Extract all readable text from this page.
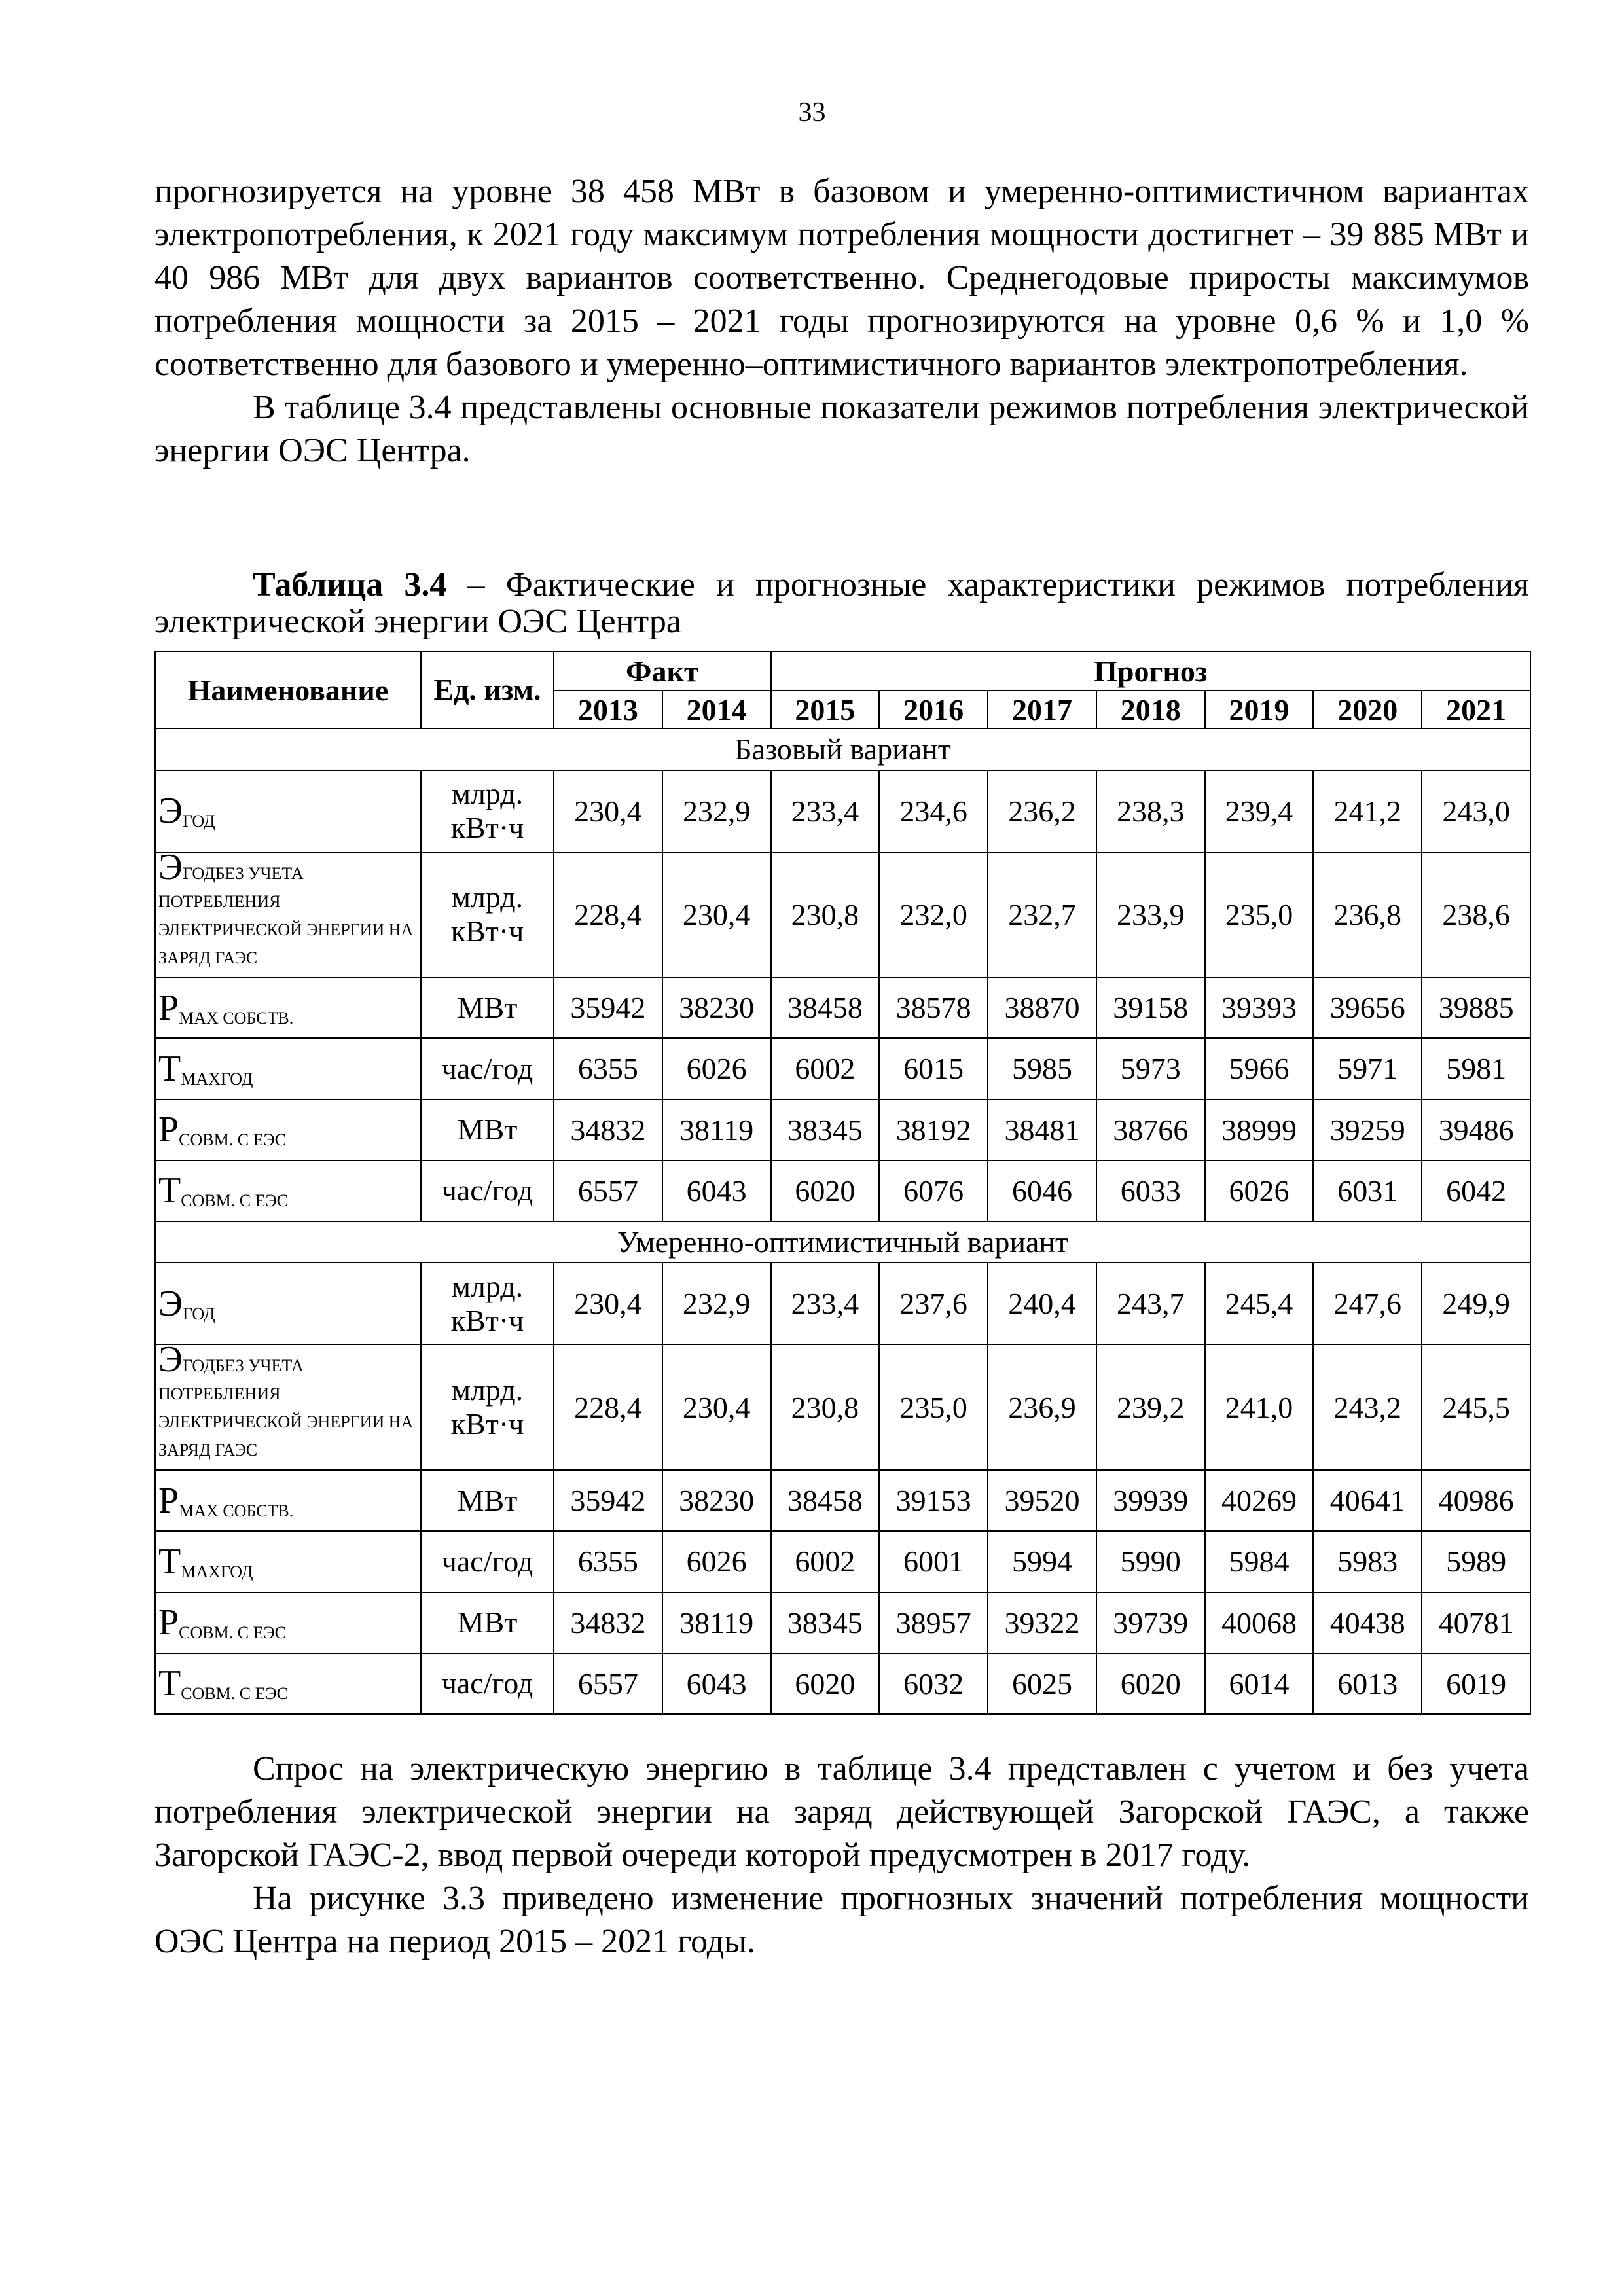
33

прогнозируется на уровне 38 458 МВт в базовом и умеренно-оптимистичном вариантах электропотребления, к 2021 году максимум потребления мощности достигнет – 39 885 МВт и 40 986 МВт для двух вариантов соответственно. Среднегодовые приросты максимумов потребления мощности за 2015 – 2021 годы прогнозируются на уровне 0,6 % и 1,0 % соответственно для базового и умеренно–оптимистичного вариантов электропотребления.

В таблице 3.4 представлены основные показатели режимов потребления электрической энергии ОЭС Центра.

Таблица 3.4 – Фактические и прогнозные характеристики режимов потребления электрической энергии ОЭС Центра

Наименование	Ед. изм.	Факт		Прогноз						
		2013	2014	2015	2016	2017	2018	2019	2020	2021
Базовый вариант										
$Э_{ГОД}$	млрд. кВт·ч	230,4	232,9	233,4	234,6	236,2	238,3	239,4	241,2	243,0
ЭГОДБЕЗ УЧЕТА ПОТРЕБЛЕНИЯ ЭЛЕКТРИЧЕСКОЙ ЭНЕРГИИ НА ЗАРЯД ГАЭС	млрд. кВт·ч	228,4	230,4	230,8	232,0	232,7	233,9	235,0	236,8	238,6
$P_{MAX СОБСТВ.}$	МВт	35942	38230	38458	38578	38870	39158	39393	39656	39885
$T_{MAXГОД}$	час/год	6355	6026	6002	6015	5985	5973	5966	5971	5981
$P_{СОВМ. С ЕЭС}$	МВт	34832	38119	38345	38192	38481	38766	38999	39259	39486
$T_{СОВМ. С ЕЭС}$	час/год	6557	6043	6020	6076	6046	6033	6026	6031	6042
Умеренно-оптимистичный вариант										
$Э_{ГОД}$	млрд. кВт·ч	230,4	232,9	233,4	237,6	240,4	243,7	245,4	247,6	249,9
ЭГОДБЕЗ УЧЕТА ПОТРЕБЛЕНИЯ ЭЛЕКТРИЧЕСКОЙ ЭНЕРГИИ НА ЗАРЯД ГАЭС	млрд. кВт·ч	228,4	230,4	230,8	235,0	236,9	239,2	241,0	243,2	245,5
$P_{MAX СОБСТВ.}$	МВт	35942	38230	38458	39153	39520	39939	40269	40641	40986
$T_{MAXГОД}$	час/год	6355	6026	6002	6001	5994	5990	5984	5983	5989
$P_{СОВМ. С ЕЭС}$	МВт	34832	38119	38345	38957	39322	39739	40068	40438	40781
$T_{СОВМ. С ЕЭС}$	час/год	6557	6043	6020	6032	6025	6020	6014	6013	6019

Спрос на электрическую энергию в таблице 3.4 представлен с учетом и без учета потребления электрической энергии на заряд действующей Загорской ГАЭС, а также Загорской ГАЭС-2, ввод первой очереди которой предусмотрен в 2017 году.

На рисунке 3.3 приведено изменение прогнозных значений потребления мощности ОЭС Центра на период 2015 – 2021 годы.
